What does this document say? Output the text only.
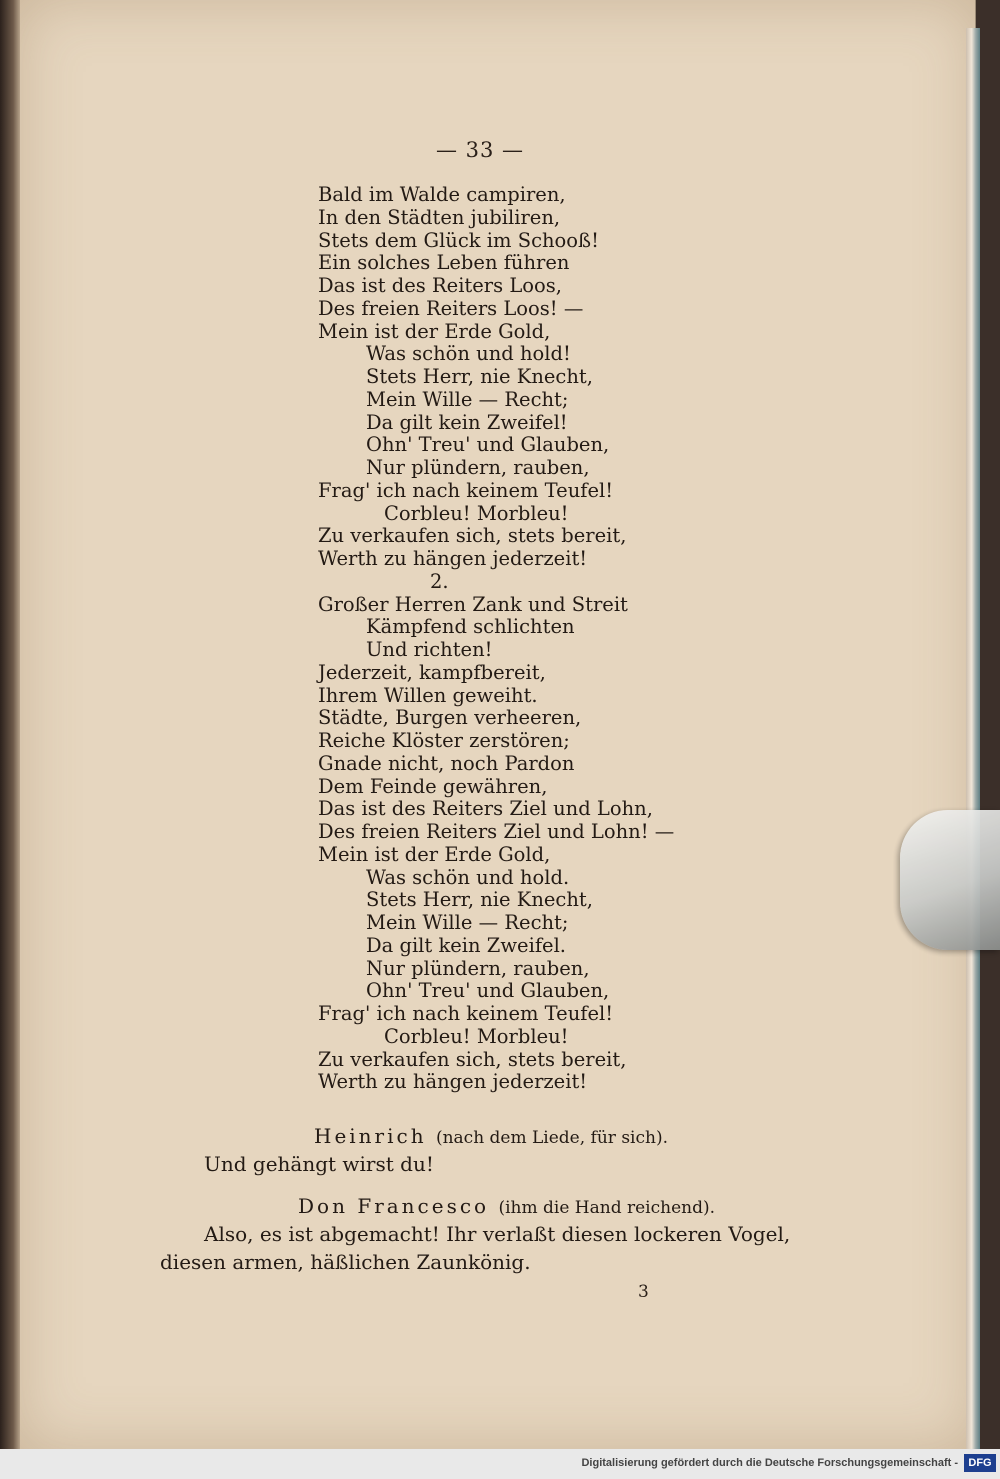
— 33 —
Bald im Walde campiren,
In den Städten jubiliren,
Stets dem Glück im Schooß!
Ein solches Leben führen
Das ist des Reiters Loos,
Des freien Reiters Loos! —
Mein ist der Erde Gold,
Was schön und hold!
Stets Herr, nie Knecht,
Mein Wille — Recht;
Da gilt kein Zweifel!
Ohn' Treu' und Glauben,
Nur plündern, rauben,
Frag' ich nach keinem Teufel!
Corbleu! Morbleu!
Zu verkaufen sich, stets bereit,
Werth zu hängen jederzeit!
2.
Großer Herren Zank und Streit
Kämpfend schlichten
Und richten!
Jederzeit, kampfbereit,
Ihrem Willen geweiht.
Städte, Burgen verheeren,
Reiche Klöster zerstören;
Gnade nicht, noch Pardon
Dem Feinde gewähren,
Das ist des Reiters Ziel und Lohn,
Des freien Reiters Ziel und Lohn! —
Mein ist der Erde Gold,
Was schön und hold.
Stets Herr, nie Knecht,
Mein Wille — Recht;
Da gilt kein Zweifel.
Nur plündern, rauben,
Ohn' Treu' und Glauben,
Frag' ich nach keinem Teufel!
Corbleu! Morbleu!
Zu verkaufen sich, stets bereit,
Werth zu hängen jederzeit!
Heinrich (nach dem Liede, für sich).
Und gehängt wirst du!
Don Francesco (ihm die Hand reichend).
Also, es ist abgemacht! Ihr verlaßt diesen lockeren Vogel,
diesen armen, häßlichen Zaunkönig.
3
Digitalisierung gefördert durch die Deutsche Forschungsgemeinschaft - DFG
